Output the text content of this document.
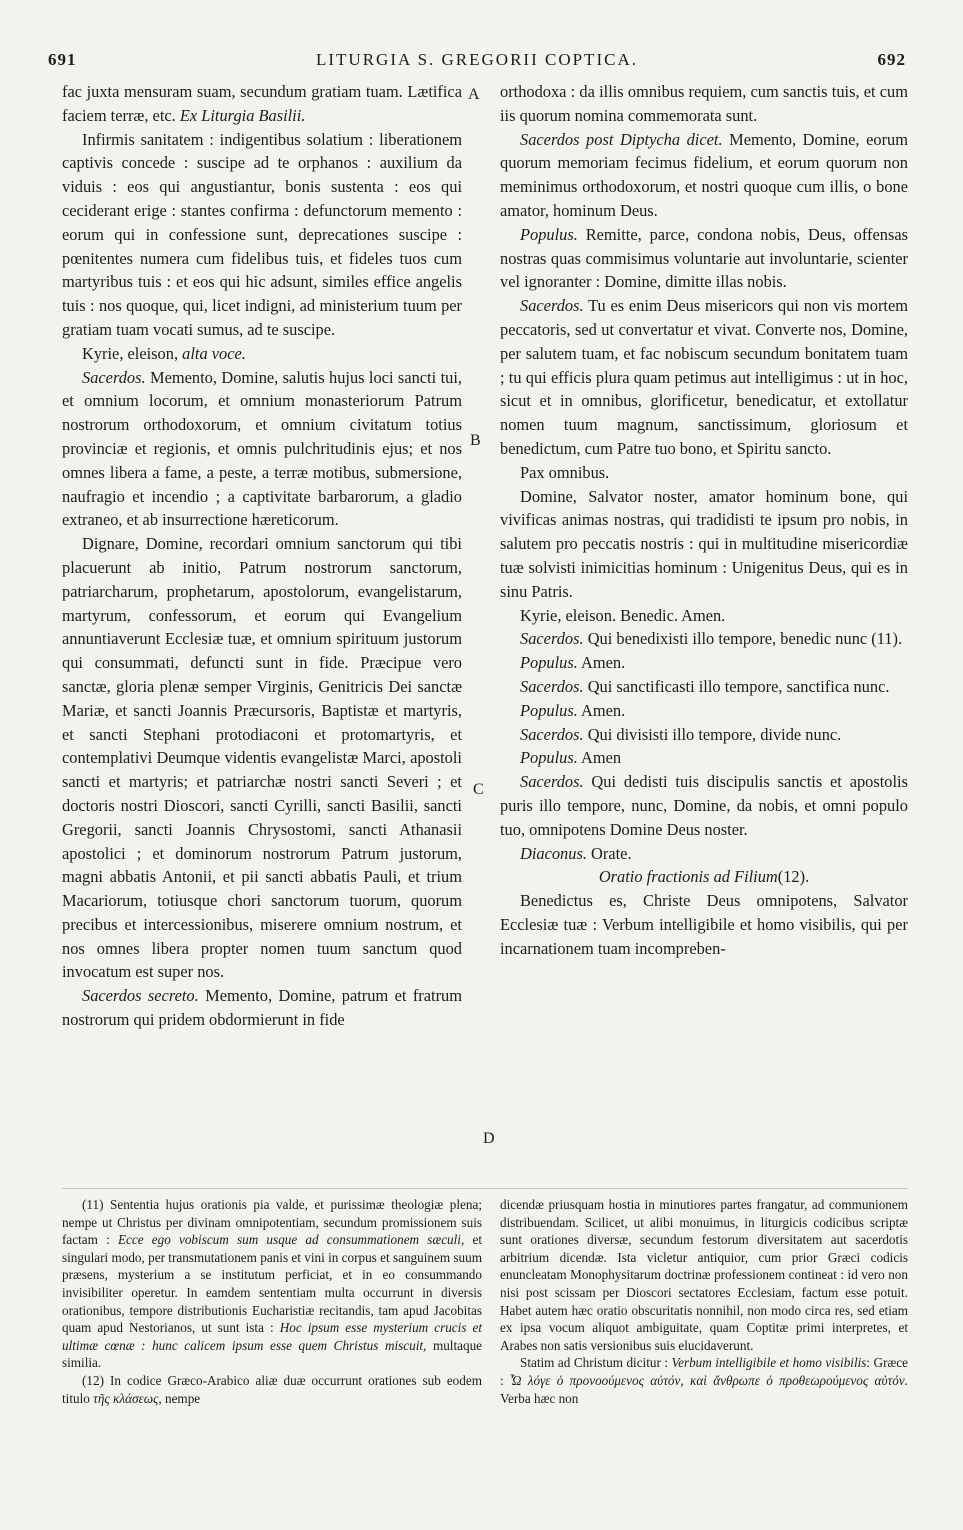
691	LITURGIA S. GREGORII COPTICA.	692
A
B
C
D

fac juxta mensuram suam, secundum gratiam tuam. Lætifica faciem terræ, etc. Ex Liturgia Basilii.

Infirmis sanitatem : indigentibus solatium : liberationem captivis concede : suscipe ad te orphanos : auxilium da viduis : eos qui angustiantur, bonis sustenta : eos qui ceciderant erige : stantes confirma : defunctorum memento : eorum qui in confessione sunt, deprecationes suscipe : pœnitentes numera cum fidelibus tuis, et fideles tuos cum martyribus tuis : et eos qui hic adsunt, similes effice angelis tuis : nos quoque, qui, licet indigni, ad ministerium tuum per gratiam tuam vocati sumus, ad te suscipe.

Kyrie, eleison, alta voce.

Sacerdos. Memento, Domine, salutis hujus loci sancti tui, et omnium locorum, et omnium monasteriorum Patrum nostrorum orthodoxorum, et omnium civitatum totius provinciæ et regionis, et omnis pulchritudinis ejus; et nos omnes libera a fame, a peste, a terræ motibus, submersione, naufragio et incendio ; a captivitate barbarorum, a gladio extraneo, et ab insurrectione hæreticorum.

Dignare, Domine, recordari omnium sanctorum qui tibi placuerunt ab initio, Patrum nostrorum sanctorum, patriarcharum, prophetarum, apostolorum, evangelistarum, martyrum, confessorum, et eorum qui Evangelium annuntiaverunt Ecclesiæ tuæ, et omnium spirituum justorum qui consummati, defuncti sunt in fide. Præcipue vero sanctæ, gloria plenæ semper Virginis, Genitricis Dei sanctæ Mariæ, et sancti Joannis Præcursoris, Baptistæ et martyris, et sancti Stephani protodiaconi et protomartyris, et contemplativi Deumque videntis evangelistæ Marci, apostoli sancti et martyris; et patriarchæ nostri sancti Severi ; et doctoris nostri Dioscori, sancti Cyrilli, sancti Basilii, sancti Gregorii, sancti Joannis Chrysostomi, sancti Athanasii apostolici ; et dominorum nostrorum Patrum justorum, magni abbatis Antonii, et pii sancti abbatis Pauli, et trium Macariorum, totiusque chori sanctorum tuorum, quorum precibus et intercessionibus, miserere omnium nostrum, et nos omnes libera propter nomen tuum sanctum quod invocatum est super nos.

Sacerdos secreto. Memento, Domine, patrum et fratrum nostrorum qui pridem obdormierunt in fide

orthodoxa : da illis omnibus requiem, cum sanctis tuis, et cum iis quorum nomina commemorata sunt.

Sacerdos post Diptycha dicet. Memento, Domine, eorum quorum memoriam fecimus fidelium, et eorum quorum non meminimus orthodoxorum, et nostri quoque cum illis, o bone amator, hominum Deus.

Populus. Remitte, parce, condona nobis, Deus, offensas nostras quas commisimus voluntarie aut involuntarie, scienter vel ignoranter : Domine, dimitte illas nobis.

Sacerdos. Tu es enim Deus misericors qui non vis mortem peccatoris, sed ut convertatur et vivat. Converte nos, Domine, per salutem tuam, et fac nobiscum secundum bonitatem tuam ; tu qui efficis plura quam petimus aut intelligimus : ut in hoc, sicut et in omnibus, glorificetur, benedicatur, et extollatur nomen tuum magnum, sanctissimum, gloriosum et benedictum, cum Patre tuo bono, et Spiritu sancto.

Pax omnibus.

Domine, Salvator noster, amator hominum bone, qui vivificas animas nostras, qui tradidisti te ipsum pro nobis, in salutem pro peccatis nostris : qui in multitudine misericordiæ tuæ solvisti inimicitias hominum : Unigenitus Deus, qui es in sinu Patris.

Kyrie, eleison. Benedic. Amen.

Sacerdos. Qui benedixisti illo tempore, benedic nunc (11).

Populus. Amen.

Sacerdos. Qui sanctificasti illo tempore, sanctifica nunc.

Populus. Amen.

Sacerdos. Qui divisisti illo tempore, divide nunc.

Populus. Amen

Sacerdos. Qui dedisti tuis discipulis sanctis et apostolis puris illo tempore, nunc, Domine, da nobis, et omni populo tuo, omnipotens Domine Deus noster.

Diaconus. Orate.

Oratio fractionis ad Filium(12).

Benedictus es, Christe Deus omnipotens, Salvator Ecclesiæ tuæ : Verbum intelligibile et homo visibilis, qui per incarnationem tuam incompreben-

(11) Sententia hujus orationis pia valde, et purissimæ theologiæ plena; nempe ut Christus per divinam omnipotentiam, secundum promissionem suis factam : Ecce ego vobiscum sum usque ad consummationem sæculi, et singulari modo, per transmutationem panis et vini in corpus et sanguinem suum præsens, mysterium a se institutum perficiat, et in eo consummando invisibiliter operetur. In eamdem sententiam multa occurrunt in diversis orationibus, tempore distributionis Eucharistiæ recitandis, tam apud Jacobitas quam apud Nestorianos, ut sunt ista : Hoc ipsum esse mysterium crucis et ultimæ cœnæ : hunc calicem ipsum esse quem Christus miscuit, multaque similia.

(12) In codice Græco-Arabico aliæ duæ occurrunt orationes sub eodem titulo τῆς κλάσεως, nempe

dicendæ priusquam hostia in minutiores partes frangatur, ad communionem distribuendam. Scilicet, ut alibi monuimus, in liturgicis codicibus scriptæ sunt orationes diversæ, secundum festorum diversitatem aut sacerdotis arbitrium dicendæ. Ista vicletur antiquior, cum prior Græci codicis enuncleatam Monophysitarum doctrinæ professionem contineat : id vero non nisi post scissam per Dioscori sectatores Ecclesiam, factum esse potuit. Habet autem hæc oratio obscuritatis nonnihil, non modo circa res, sed etiam ex ipsa vocum aliquot ambiguitate, quam Coptitæ primi interpretes, et Arabes non satis versionibus suis elucidaverunt.

Statim ad Christum dicitur : Verbum intelligibile et homo visibilis: Græce : Ὦ λόγε ὁ προνοούμενος αὐτόν, καὶ ἄνθρωπε ὁ προθεωρούμενος αὐτόν. Verba hæc non
